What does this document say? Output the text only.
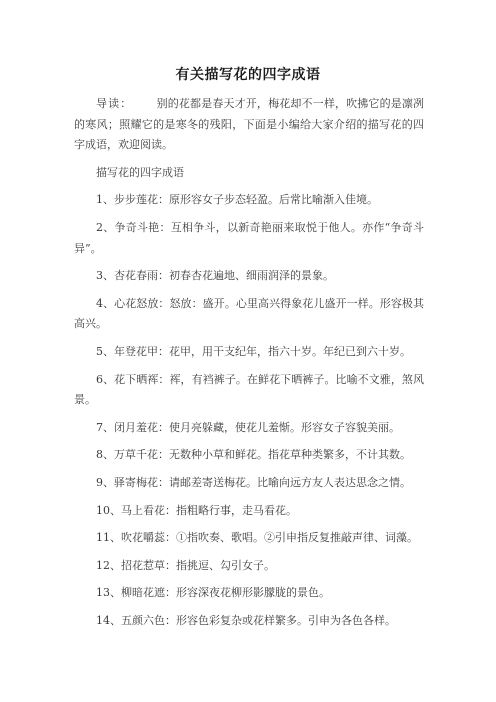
有关描写花的四字成语

导读： 别的花都是春天才开，梅花却不一样，吹拂它的是凛冽的寒风；照耀它的是寒冬的残阳，下面是小编给大家介绍的描写花的四字成语，欢迎阅读。

描写花的四字成语

1、步步莲花：原形容女子步态轻盈。后常比喻渐入佳境。

2、争奇斗艳：互相争斗，以新奇艳丽来取悦于他人。亦作“争奇斗异”。

3、杏花春雨：初春杏花遍地、细雨润泽的景象。

4、心花怒放：怒放：盛开。心里高兴得象花儿盛开一样。形容极其高兴。

5、年登花甲：花甲，用干支纪年，指六十岁。年纪已到六十岁。

6、花下晒裈：裈，有裆裤子。在鲜花下晒裤子。比喻不文雅，煞风景。

7、闭月羞花：使月亮躲藏，使花儿羞惭。形容女子容貌美丽。

8、万草千花：无数种小草和鲜花。指花草种类繁多，不计其数。

9、驿寄梅花：请邮差寄送梅花。比喻向远方友人表达思念之情。

10、马上看花：指粗略行事，走马看花。

11、吹花嚼蕊：①指吹奏、歌唱。②引申指反复推敲声律、词藻。

12、招花惹草：指挑逗、勾引女子。

13、柳暗花遮：形容深夜花柳形影朦胧的景色。

14、五颜六色：形容色彩复杂或花样繁多。引申为各色各样。
